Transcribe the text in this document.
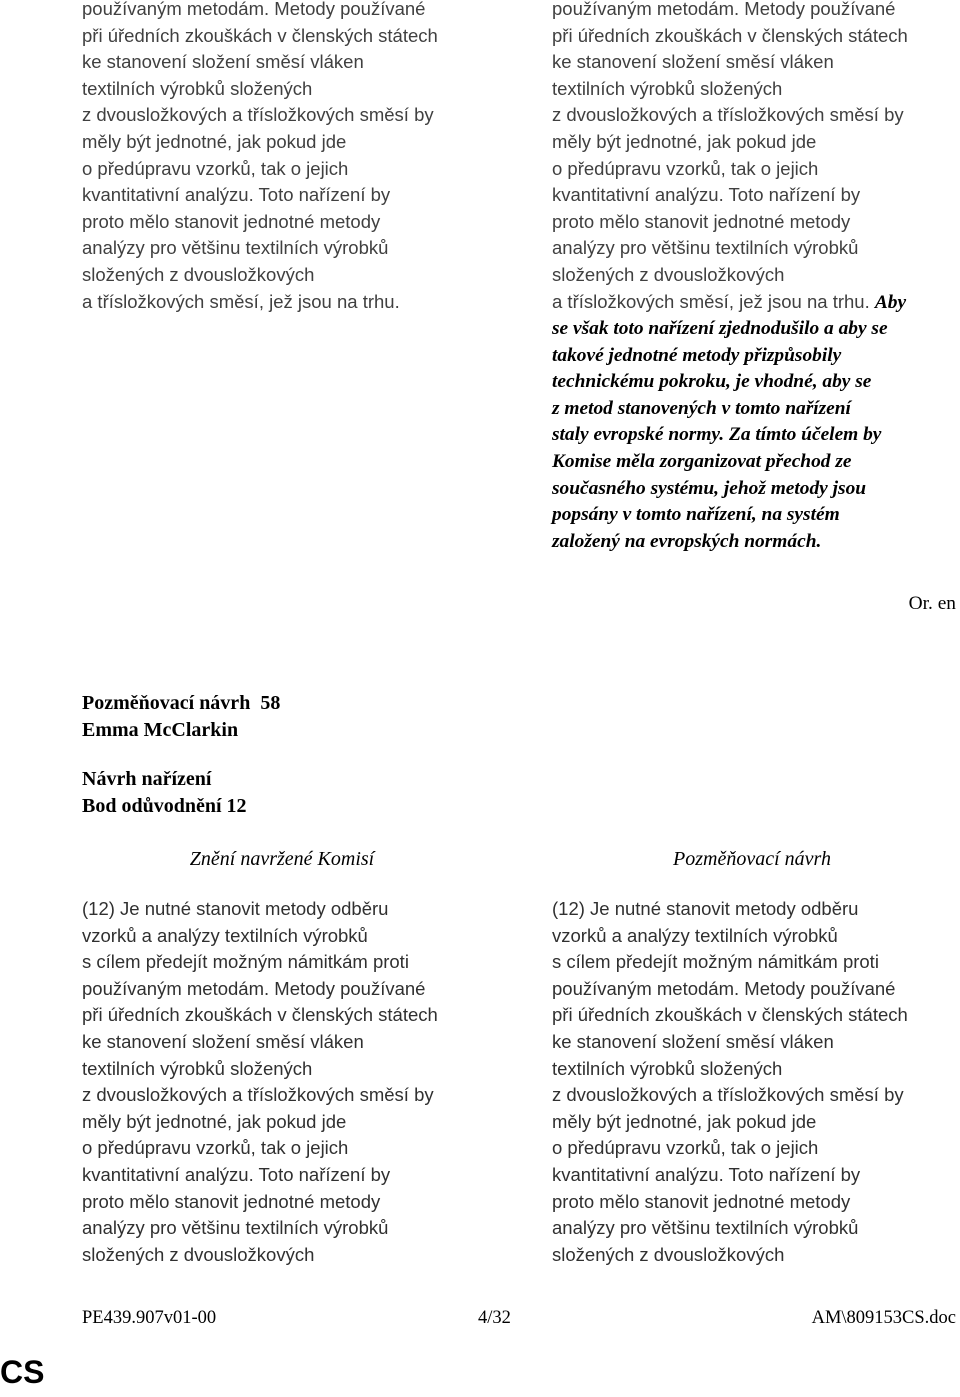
používaným metodám. Metody používané
při úředních zkouškách v členských státech
ke stanovení složení směsí vláken
textilních výrobků složených
z dvousložkových a třísložkových směsí by
měly být jednotné, jak pokud jde
o předúpravu vzorků, tak o jejich
kvantitativní analýzu. Toto nařízení by
proto mělo stanovit jednotné metody
analýzy pro většinu textilních výrobků
složených z dvousložkových
a třísložkových směsí, jež jsou na trhu.
používaným metodám. Metody používané
při úředních zkouškách v členských státech
ke stanovení složení směsí vláken
textilních výrobků složených
z dvousložkových a třísložkových směsí by
měly být jednotné, jak pokud jde
o předúpravu vzorků, tak o jejich
kvantitativní analýzu. Toto nařízení by
proto mělo stanovit jednotné metody
analýzy pro většinu textilních výrobků
složených z dvousložkových
a třísložkových směsí, jež jsou na trhu. Aby
se však toto nařízení zjednodušilo a aby se
takové jednotné metody přizpůsobily
technickému pokroku, je vhodné, aby se
z metod stanovených v tomto nařízení
staly evropské normy. Za tímto účelem by
Komise měla zorganizovat přechod ze
současného systému, jehož metody jsou
popsány v tomto nařízení, na systém
založený na evropských normách.
Or. en
Pozměňovací návrh 58
Emma McClarkin
Návrh nařízení
Bod odůvodnění 12
Znění navržené Komisí	Pozměňovací návrh
(12) Je nutné stanovit metody odběru
vzorků a analýzy textilních výrobků
s cílem předejít možným námitkám proti
používaným metodám. Metody používané
při úředních zkouškách v členských státech
ke stanovení složení směsí vláken
textilních výrobků složených
z dvousložkových a třísložkových směsí by
měly být jednotné, jak pokud jde
o předúpravu vzorků, tak o jejich
kvantitativní analýzu. Toto nařízení by
proto mělo stanovit jednotné metody
analýzy pro většinu textilních výrobků
složených z dvousložkových
(12) Je nutné stanovit metody odběru
vzorků a analýzy textilních výrobků
s cílem předejít možným námitkám proti
používaným metodám. Metody používané
při úředních zkouškách v členských státech
ke stanovení složení směsí vláken
textilních výrobků složených
z dvousložkových a třísložkových směsí by
měly být jednotné, jak pokud jde
o předúpravu vzorků, tak o jejich
kvantitativní analýzu. Toto nařízení by
proto mělo stanovit jednotné metody
analýzy pro většinu textilních výrobků
složených z dvousložkových
PE439.907v01-00	4/32	AM\809153CS.doc
CS
